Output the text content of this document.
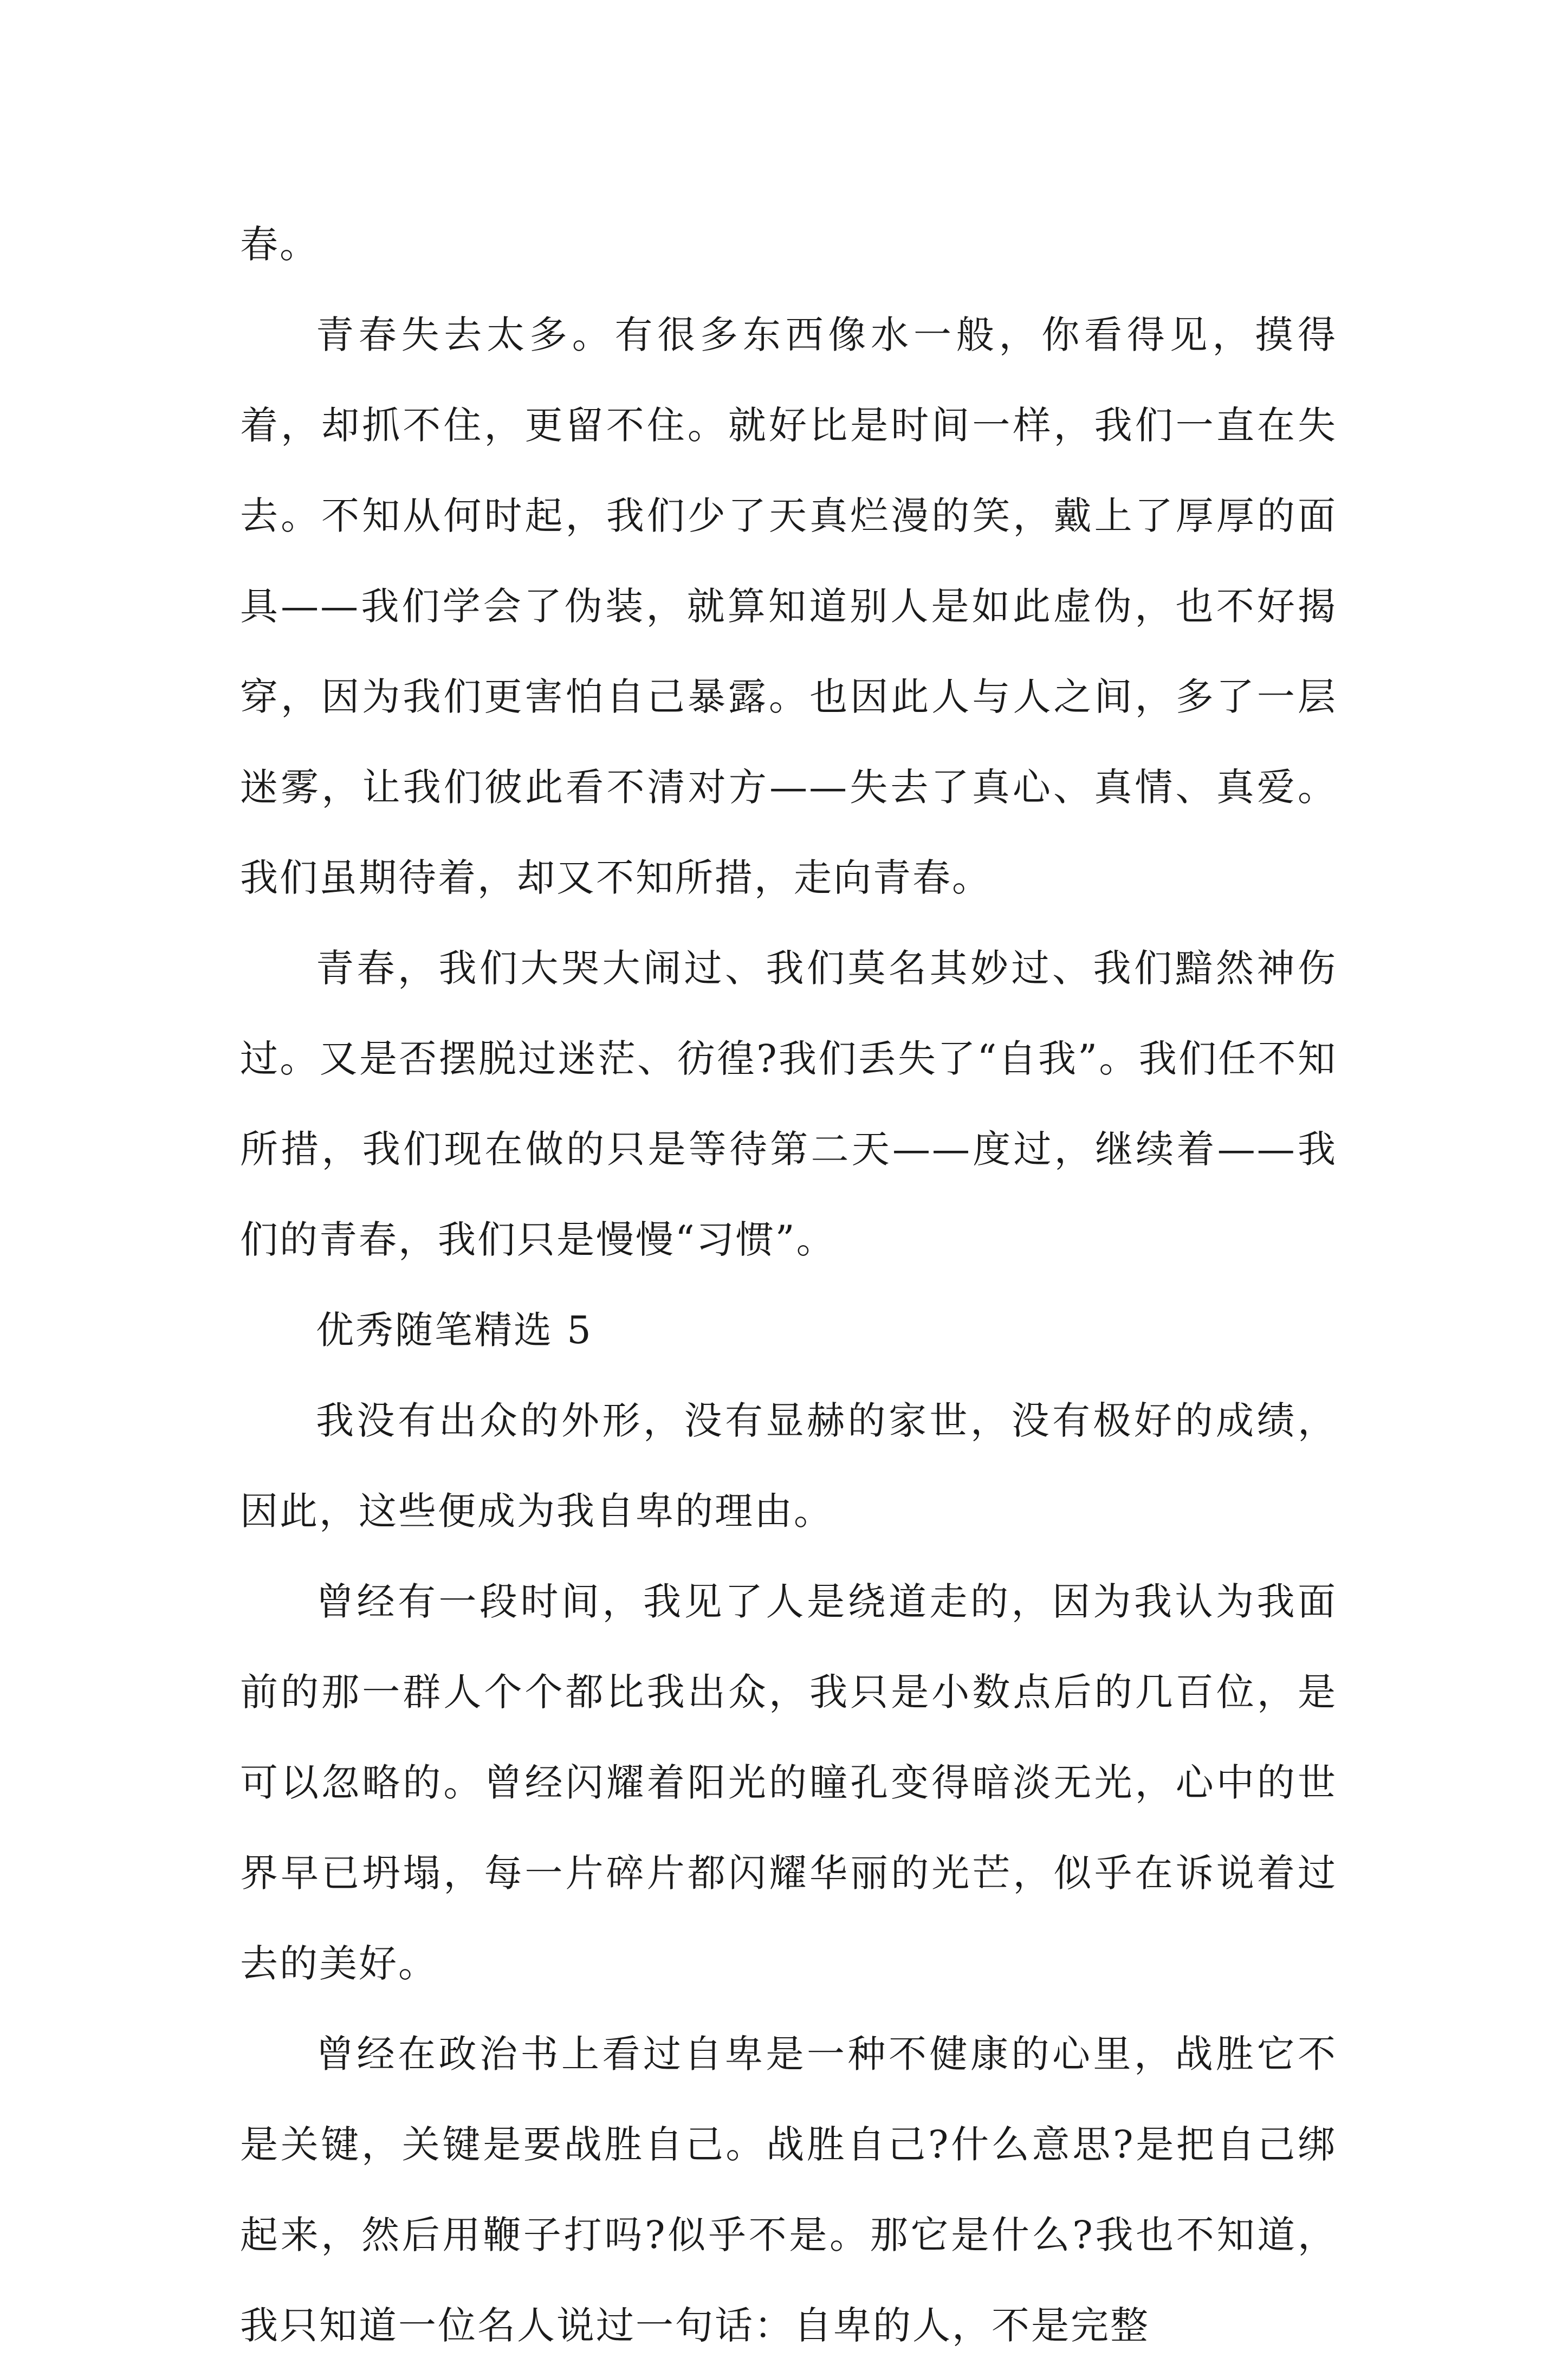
春。

青春失去太多。有很多东西像水一般，你看得见，摸得着，却抓不住，更留不住。就好比是时间一样，我们一直在失去。不知从何时起，我们少了天真烂漫的笑，戴上了厚厚的面具——我们学会了伪装，就算知道别人是如此虚伪，也不好揭穿，因为我们更害怕自己暴露。也因此人与人之间，多了一层迷雾，让我们彼此看不清对方——失去了真心、真情、真爱。我们虽期待着，却又不知所措，走向青春。

青春，我们大哭大闹过、我们莫名其妙过、我们黯然神伤过。又是否摆脱过迷茫、彷徨?我们丢失了“自我”。我们任不知所措，我们现在做的只是等待第二天——度过，继续着——我们的青春，我们只是慢慢“习惯”。

优秀随笔精选 5

我没有出众的外形，没有显赫的家世，没有极好的成绩，因此，这些便成为我自卑的理由。

曾经有一段时间，我见了人是绕道走的，因为我认为我面前的那一群人个个都比我出众，我只是小数点后的几百位，是可以忽略的。曾经闪耀着阳光的瞳孔变得暗淡无光，心中的世界早已坍塌，每一片碎片都闪耀华丽的光芒，似乎在诉说着过去的美好。

曾经在政治书上看过自卑是一种不健康的心里，战胜它不是关键，关键是要战胜自己。战胜自己?什么意思?是把自己绑起来，然后用鞭子打吗?似乎不是。那它是什么?我也不知道，我只知道一位名人说过一句话：自卑的人，不是完整
